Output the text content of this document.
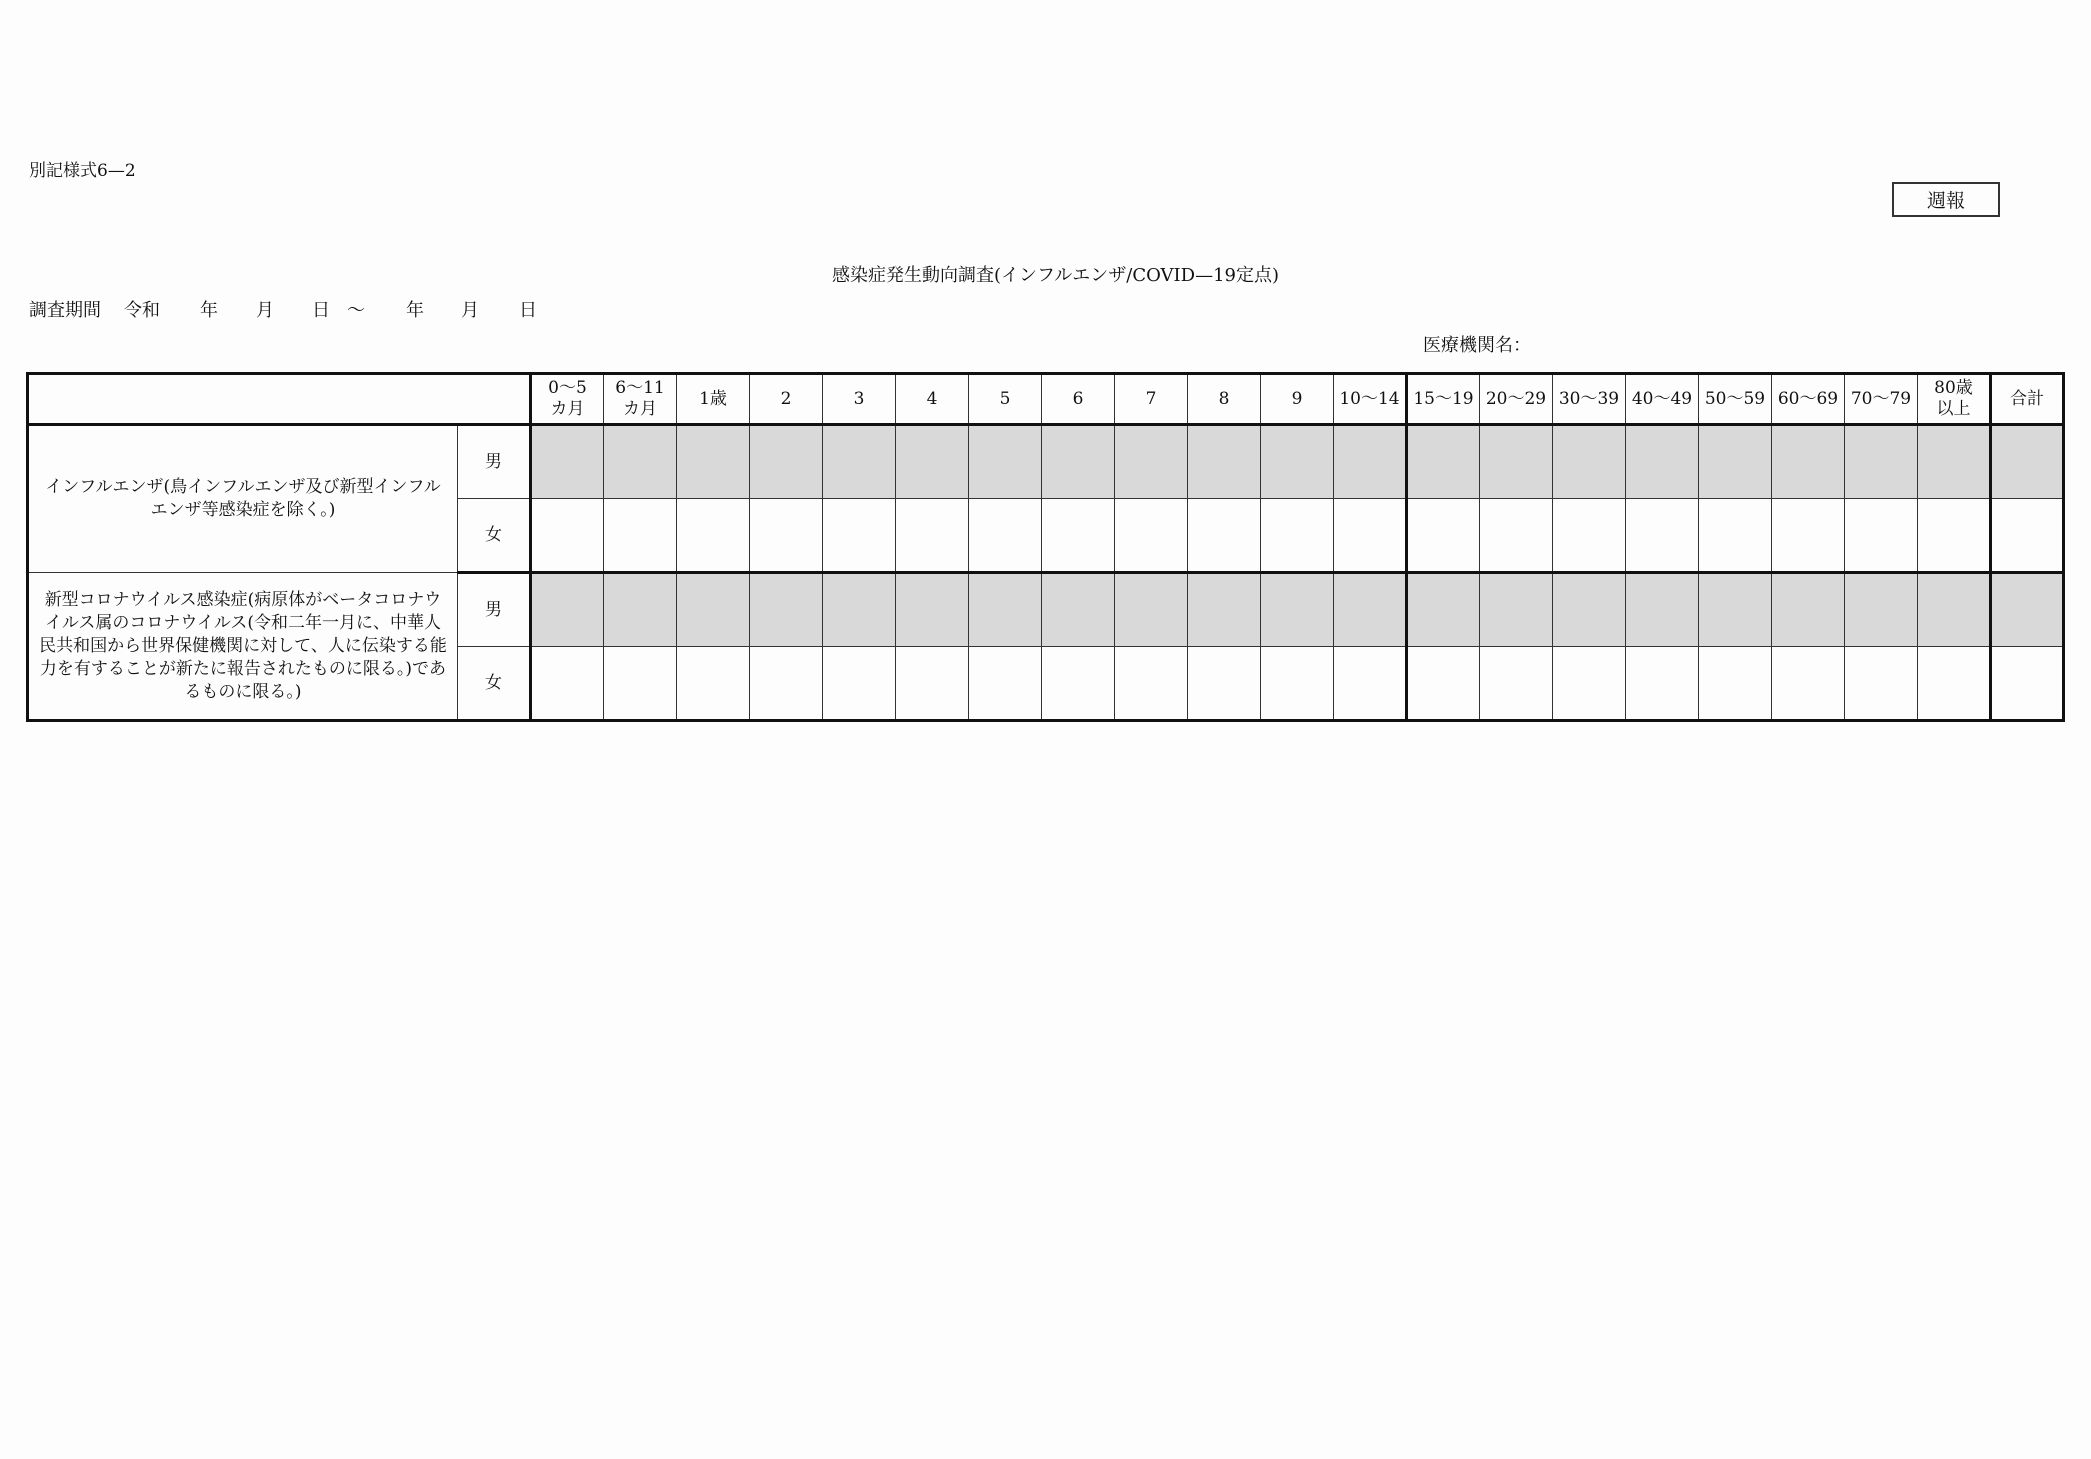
別記様式6—2
週報
感染症発生動向調査(インフルエンザ/COVID—19定点)
調査期間 令和 年 月 日 ～ 年 月 日
医療機関名：
		0～5
カ月	6～11
カ月	1歳	2	3	4	5	6	7	8	9	10～14	15～19	20～29	30～39	40～49	50～59	60～69	70～79	80歳
以上	合計
インフルエンザ(鳥インフルエンザ及び新型インフルエンザ等感染症を除く。)	男																					
	女																					
新型コロナウイルス感染症(病原体がベータコロナウイルス属のコロナウイルス(令和二年一月に、中華人民共和国から世界保健機関に対して、人に伝染する能力を有することが新たに報告されたものに限る。)であるものに限る。)	男																					
	女																					
